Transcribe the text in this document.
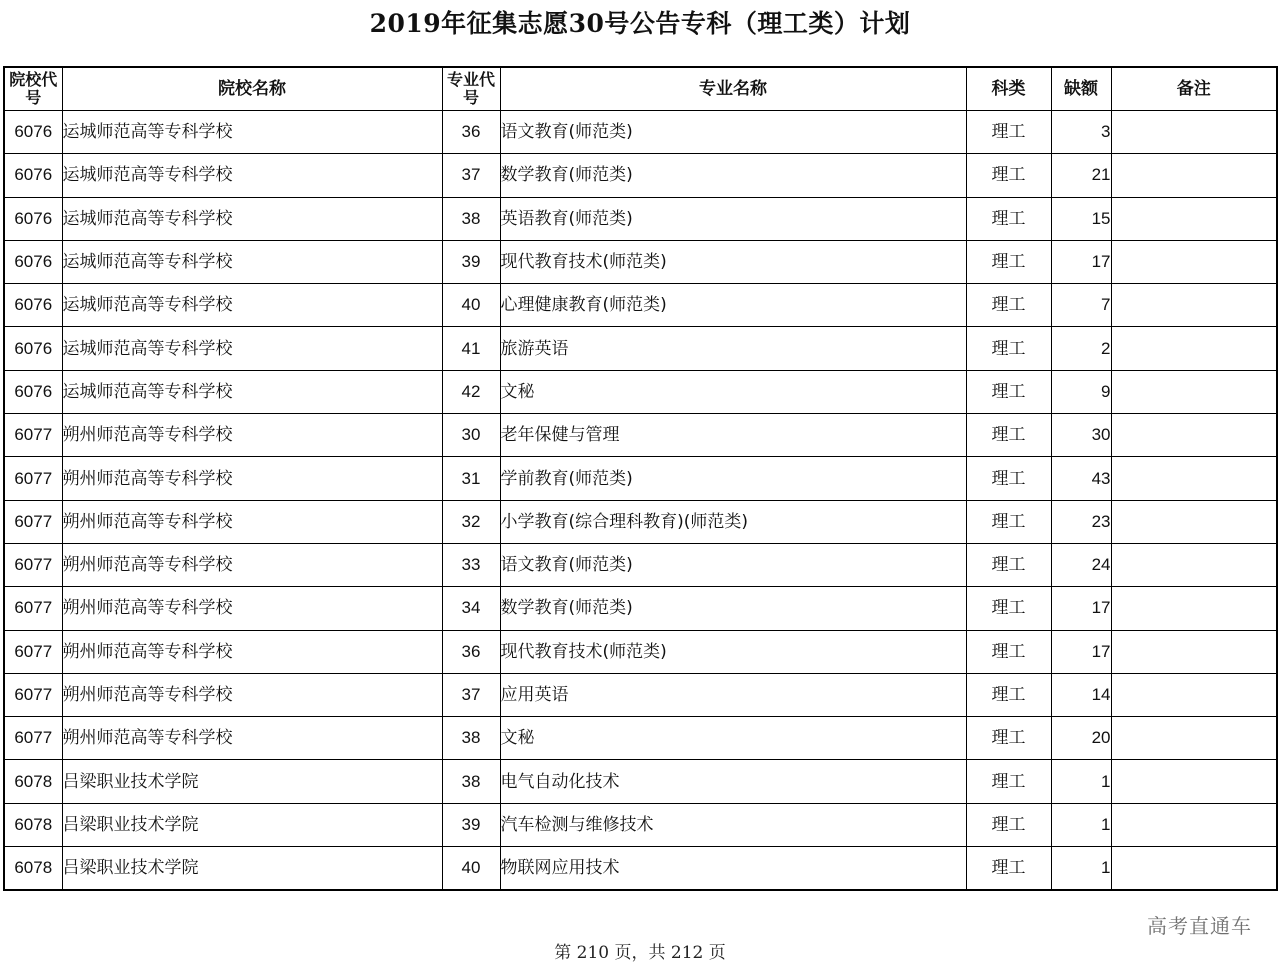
2019年征集志愿30号公告专科（理工类）计划
院校代号	院校名称	专业代号	专业名称	科类	缺额	备注
6076	运城师范高等专科学校	36	语文教育(师范类)	理工	3	
6076	运城师范高等专科学校	37	数学教育(师范类)	理工	21	
6076	运城师范高等专科学校	38	英语教育(师范类)	理工	15	
6076	运城师范高等专科学校	39	现代教育技术(师范类)	理工	17	
6076	运城师范高等专科学校	40	心理健康教育(师范类)	理工	7	
6076	运城师范高等专科学校	41	旅游英语	理工	2	
6076	运城师范高等专科学校	42	文秘	理工	9	
6077	朔州师范高等专科学校	30	老年保健与管理	理工	30	
6077	朔州师范高等专科学校	31	学前教育(师范类)	理工	43	
6077	朔州师范高等专科学校	32	小学教育(综合理科教育)(师范类)	理工	23	
6077	朔州师范高等专科学校	33	语文教育(师范类)	理工	24	
6077	朔州师范高等专科学校	34	数学教育(师范类)	理工	17	
6077	朔州师范高等专科学校	36	现代教育技术(师范类)	理工	17	
6077	朔州师范高等专科学校	37	应用英语	理工	14	
6077	朔州师范高等专科学校	38	文秘	理工	20	
6078	吕梁职业技术学院	38	电气自动化技术	理工	1	
6078	吕梁职业技术学院	39	汽车检测与维修技术	理工	1	
6078	吕梁职业技术学院	40	物联网应用技术	理工	1	
高考直通车
第 210 页，共 212 页
